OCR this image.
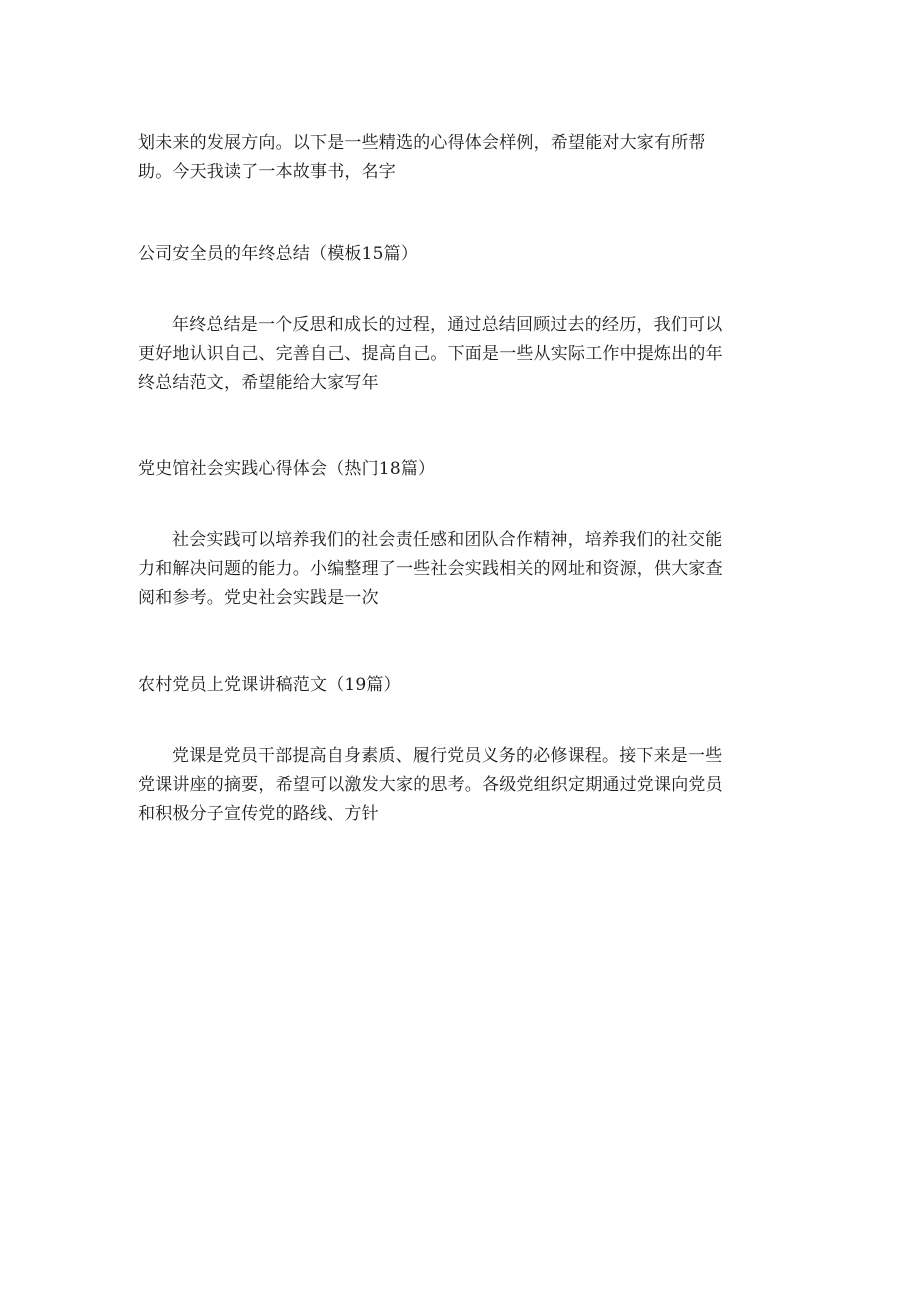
划未来的发展方向。以下是一些精选的心得体会样例，希望能对大家有所帮
助。今天我读了一本故事书，名字
公司安全员的年终总结（模板15篇）
年终总结是一个反思和成长的过程，通过总结回顾过去的经历，我们可以
更好地认识自己、完善自己、提高自己。下面是一些从实际工作中提炼出的年
终总结范文，希望能给大家写年
党史馆社会实践心得体会（热门18篇）
社会实践可以培养我们的社会责任感和团队合作精神，培养我们的社交能
力和解决问题的能力。小编整理了一些社会实践相关的网址和资源，供大家查
阅和参考。党史社会实践是一次
农村党员上党课讲稿范文（19篇）
党课是党员干部提高自身素质、履行党员义务的必修课程。接下来是一些
党课讲座的摘要，希望可以激发大家的思考。各级党组织定期通过党课向党员
和积极分子宣传党的路线、方针
